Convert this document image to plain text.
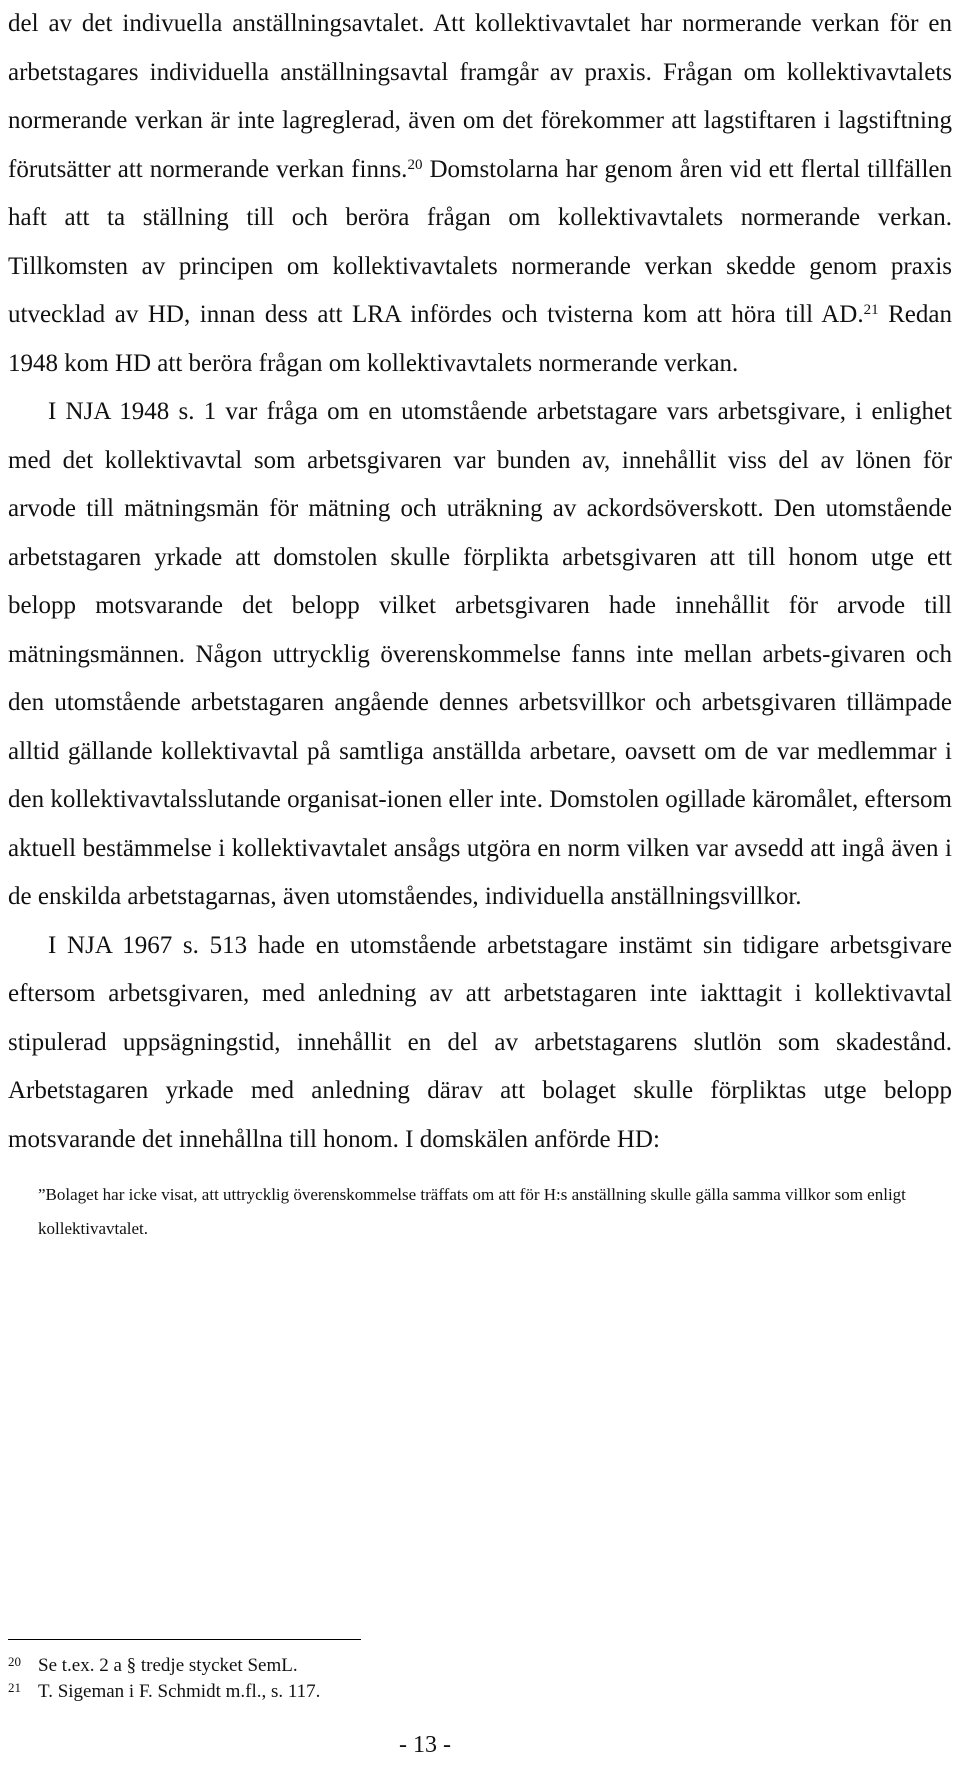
del av det indivuella anställningsavtalet. Att kollektivavtalet har normerande verkan för en arbetstagares individuella anställningsavtal framgår av praxis. Frågan om kollektivavtalets normerande verkan är inte lagreglerad, även om det förekommer att lagstiftaren i lagstiftning förutsätter att normerande verkan finns.$^{20}$ Domstolarna har genom åren vid ett flertal tillfällen haft att ta ställning till och beröra frågan om kollektivavtalets normerande verkan. Tillkomsten av principen om kollektivavtalets normerande verkan skedde genom praxis utvecklad av HD, innan dess att LRA infördes och tvisterna kom att höra till AD.$^{21}$ Redan 1948 kom HD att beröra frågan om kollektivavtalets normerande verkan.

I NJA 1948 s. 1 var fråga om en utomstående arbetstagare vars arbetsgivare, i enlighet med det kollektivavtal som arbetsgivaren var bunden av, innehållit viss del av lönen för arvode till mätningsmän för mätning och uträkning av ackordsöverskott. Den utomstående arbetstagaren yrkade att domstolen skulle förplikta arbetsgivaren att till honom utge ett belopp motsvarande det belopp vilket arbetsgivaren hade innehållit för arvode till mätningsmännen. Någon uttrycklig överenskommelse fanns inte mellan arbets-givaren och den utomstående arbetstagaren angående dennes arbetsvillkor och arbetsgivaren tillämpade alltid gällande kollektivavtal på samtliga anställda arbetare, oavsett om de var medlemmar i den kollektivavtalsslutande organisat-ionen eller inte. Domstolen ogillade käromålet, eftersom aktuell bestämmelse i kollektivavtalet ansågs utgöra en norm vilken var avsedd att ingå även i de enskilda arbetstagarnas, även utomståendes, individuella anställningsvillkor.

I NJA 1967 s. 513 hade en utomstående arbetstagare instämt sin tidigare arbetsgivare eftersom arbetsgivaren, med anledning av att arbetstagaren inte iakttagit i kollektivavtal stipulerad uppsägningstid, innehållit en del av arbetstagarens slutlön som skadestånd. Arbetstagaren yrkade med anledning därav att bolaget skulle förpliktas utge belopp motsvarande det innehållna till honom. I domskälen anförde HD:

”Bolaget har icke visat, att uttrycklig överenskommelse träffats om att för H:s anställning skulle gälla samma villkor som enligt kollektivavtalet.

20 Se t.ex. 2 a § tredje stycket SemL.
21 T. Sigeman i F. Schmidt m.fl., s. 117.
- 13 -
